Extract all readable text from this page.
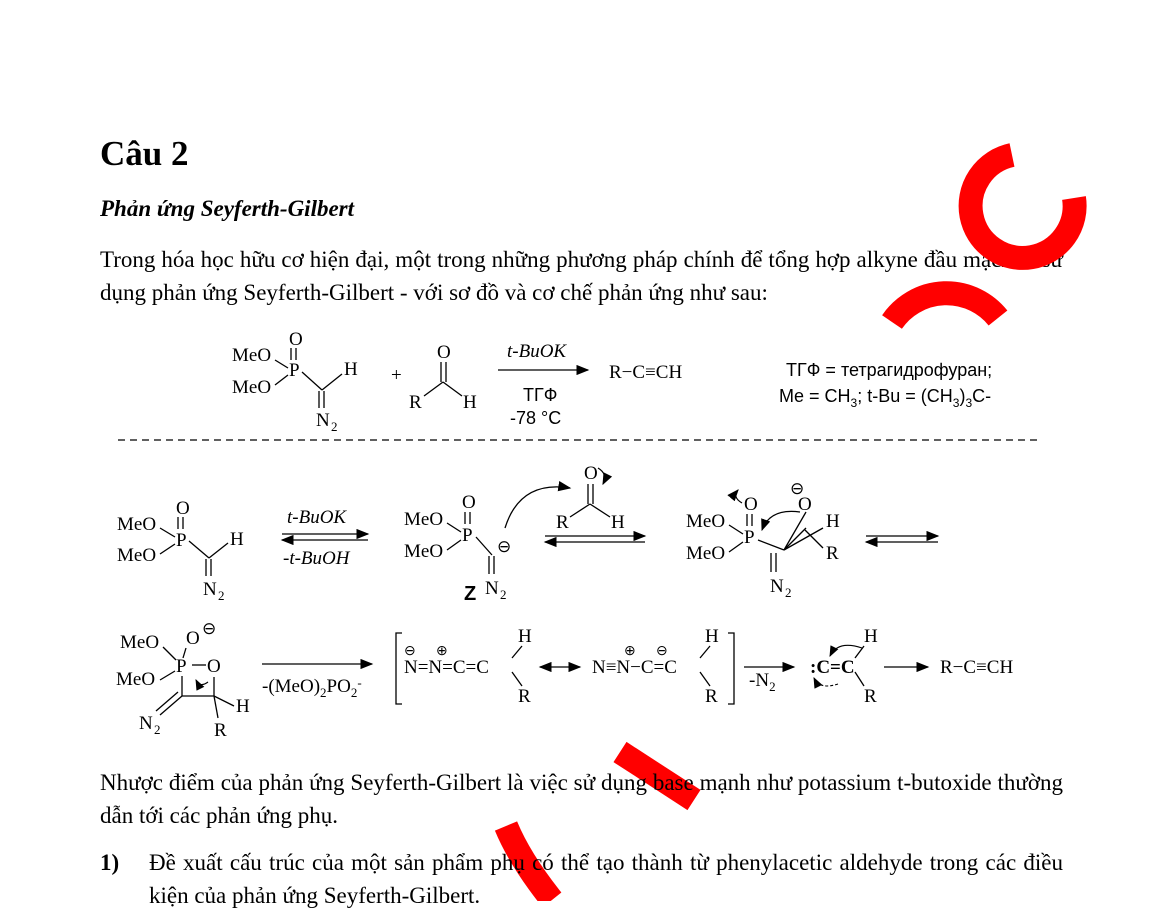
Câu 2
Phản ứng Seyferth-Gilbert
Trong hóa học hữu cơ hiện đại, một trong những phương pháp chính để tổng hợp alkyne đầu mạch là sử dụng phản ứng Seyferth-Gilbert - với sơ đồ và cơ chế phản ứng như sau:
MeO
MeO
O
P H
N 2
+
O
R H
t-BuOK
ТГФ
-78 °C
R−C≡CH	ТГФ = тетрагидрофуран;
$Me = CH_3$; $t-Bu = (CH_3)_3C-$
MeO
MeO
O
P H
N 2
t-BuOK
-t-BuOH
MeO
MeO
O
P
⊖
N 2
Z
O
R H	MeO
MeO
O
P
O
⊖
H
R
N 2
MeO
MeO
O ⊖
P O
N 2
H
R
$-(MeO)_2PO_2^-$
⊖ ⊕
N=N=C=C
H
R
⊕ ⊖
N≡N−C=C
H
R
$-N_2$
:C=C
H
R
R−C≡CH
Nhược điểm của phản ứng Seyferth-Gilbert là việc sử dụng base mạnh như potassium t-butoxide thường dẫn tới các phản ứng phụ.
1) Đề xuất cấu trúc của một sản phẩm phụ có thể tạo thành từ phenylacetic aldehyde trong các điều kiện của phản ứng Seyferth-Gilbert.
